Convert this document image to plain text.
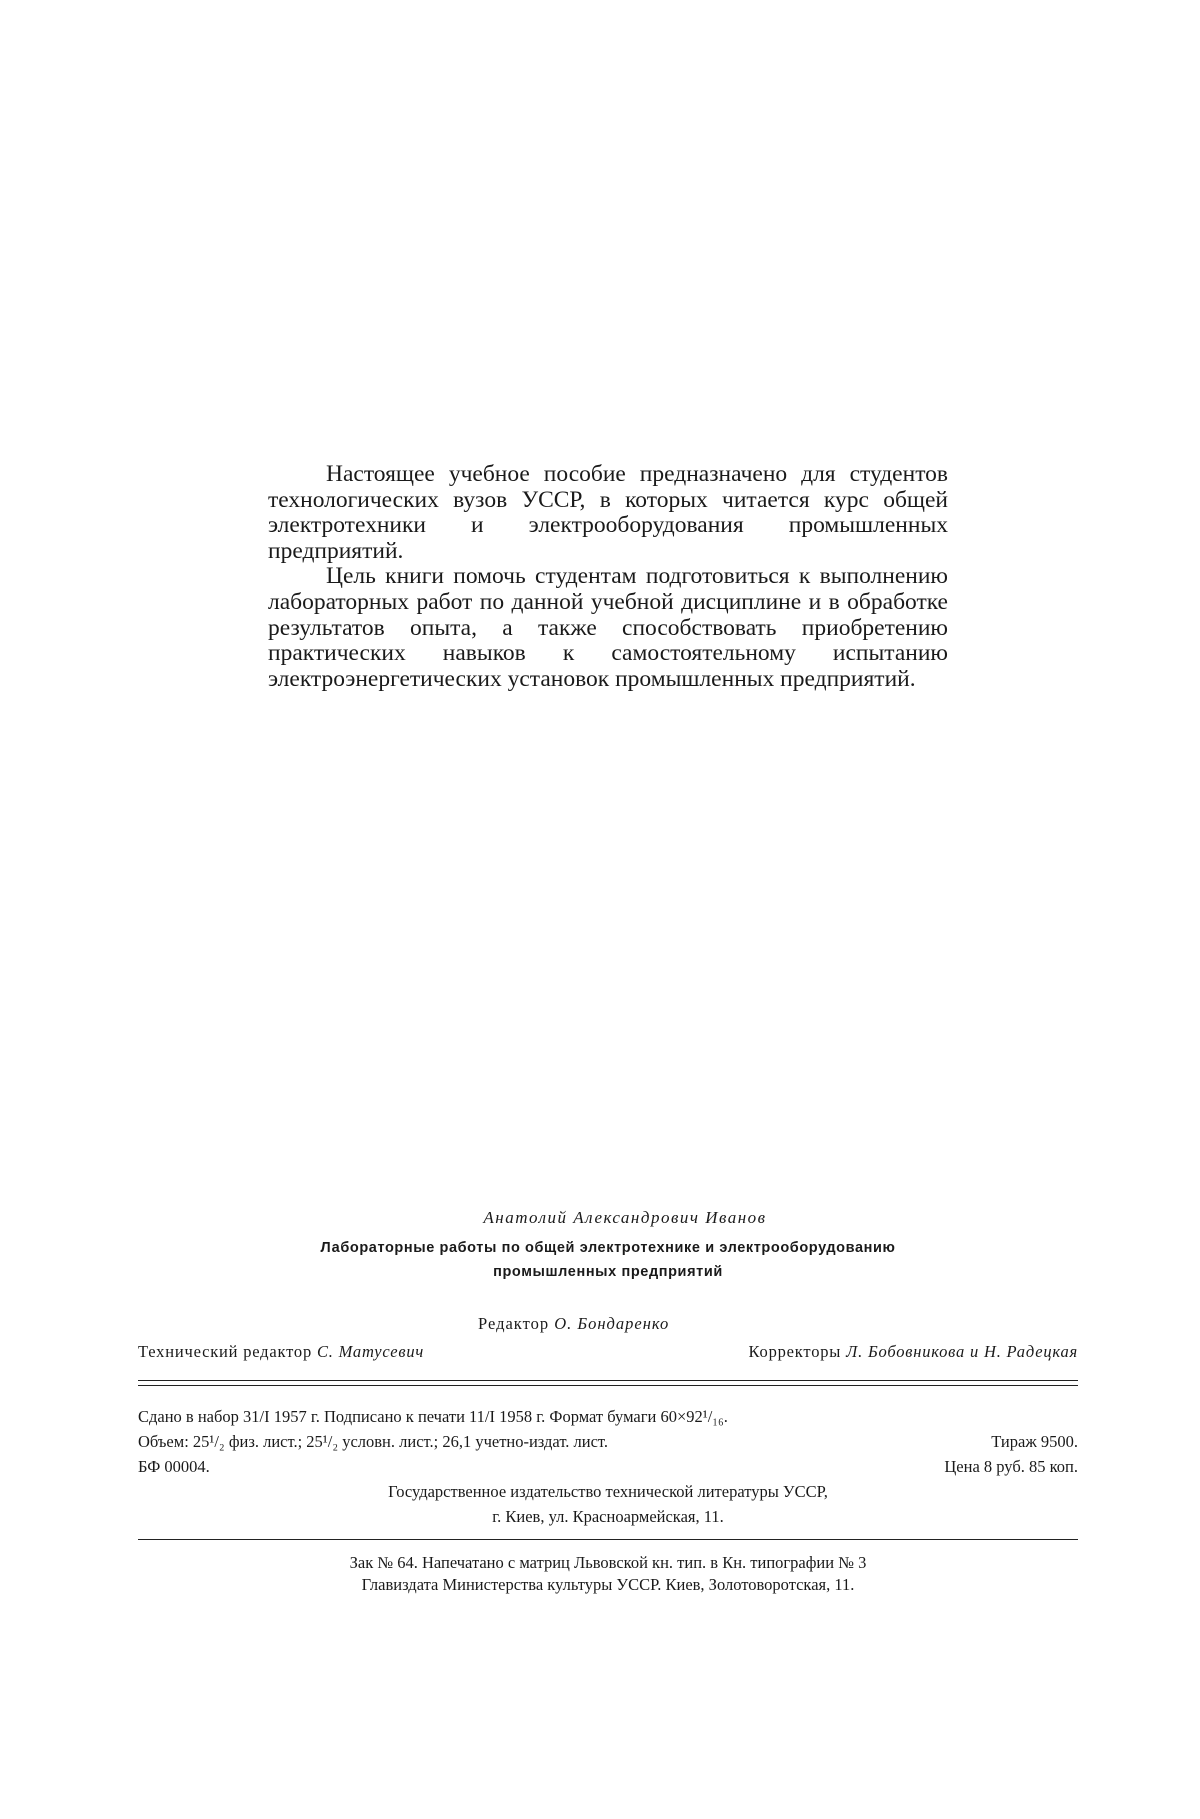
Настоящее учебное пособие предназначено для студентов технологических вузов УССР, в которых читается курс общей электротехники и электрооборудования промышленных предприятий.

Цель книги помочь студентам подготовиться к выполнению лабораторных работ по данной учебной дисциплине и в обработке результатов опыта, а также способствовать приобретению практических навыков к самостоятельному испытанию электроэнергетических установок промышленных предприятий.

Анатолий Александрович Иванов
Лабораторные работы по общей электротехнике и электрооборудованию
промышленных предприятий
Редактор О. Бондаренко
Технический редактор С. Матусевич	Корректоры Л. Бобовникова и Н. Радецкая
Сдано в набор 31/I 1957 г. Подписано к печати 11/I 1958 г. Формат бумаги 60×92¹/₁₆.
Объем: 25¹/₂ физ. лист.; 25¹/₂ условн. лист.; 26,1 учетно-издат. лист.	Тираж 9500.
БФ 00004.	Цена 8 руб. 85 коп.
Государственное издательство технической литературы УССР,
г. Киев, ул. Красноармейская, 11.
Зак № 64. Напечатано с матриц Львовской кн. тип. в Кн. типографии № 3
Главиздата Министерства культуры УССР. Киев, Золотоворотская, 11.
